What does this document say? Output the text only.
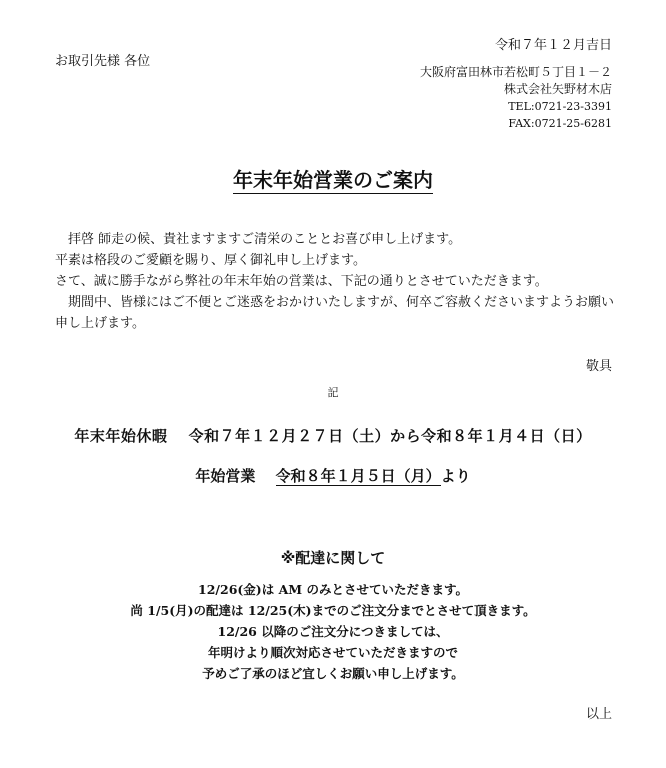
令和７年１２月吉日
お取引先様 各位
大阪府富田林市若松町５丁目１－２
株式会社矢野材木店
TEL:0721-23-3391
FAX:0721-25-6281
年末年始営業のご案内

　拝啓 師走の候、貴社ますますご清栄のこととお喜び申し上げます。

平素は格段のご愛顧を賜り、厚く御礼申し上げます。

さて、誠に勝手ながら弊社の年末年始の営業は、下記の通りとさせていただきます。

　期間中、皆様にはご不便とご迷惑をおかけいたしますが、何卒ご容赦くださいますようお願い申し上げます。

敬具
記
年末年始休暇　 令和７年１２月２７日（土）から令和８年１月４日（日）
年始営業　 令和８年１月５日（月）より
※配達に関して

12/26(金)は AM のみとさせていただきます。

尚 1/5(月)の配達は 12/25(木)までのご注文分までとさせて頂きます。

12/26 以降のご注文分につきましては、

年明けより順次対応させていただきますので

予めご了承のほど宜しくお願い申し上げます。

以上
